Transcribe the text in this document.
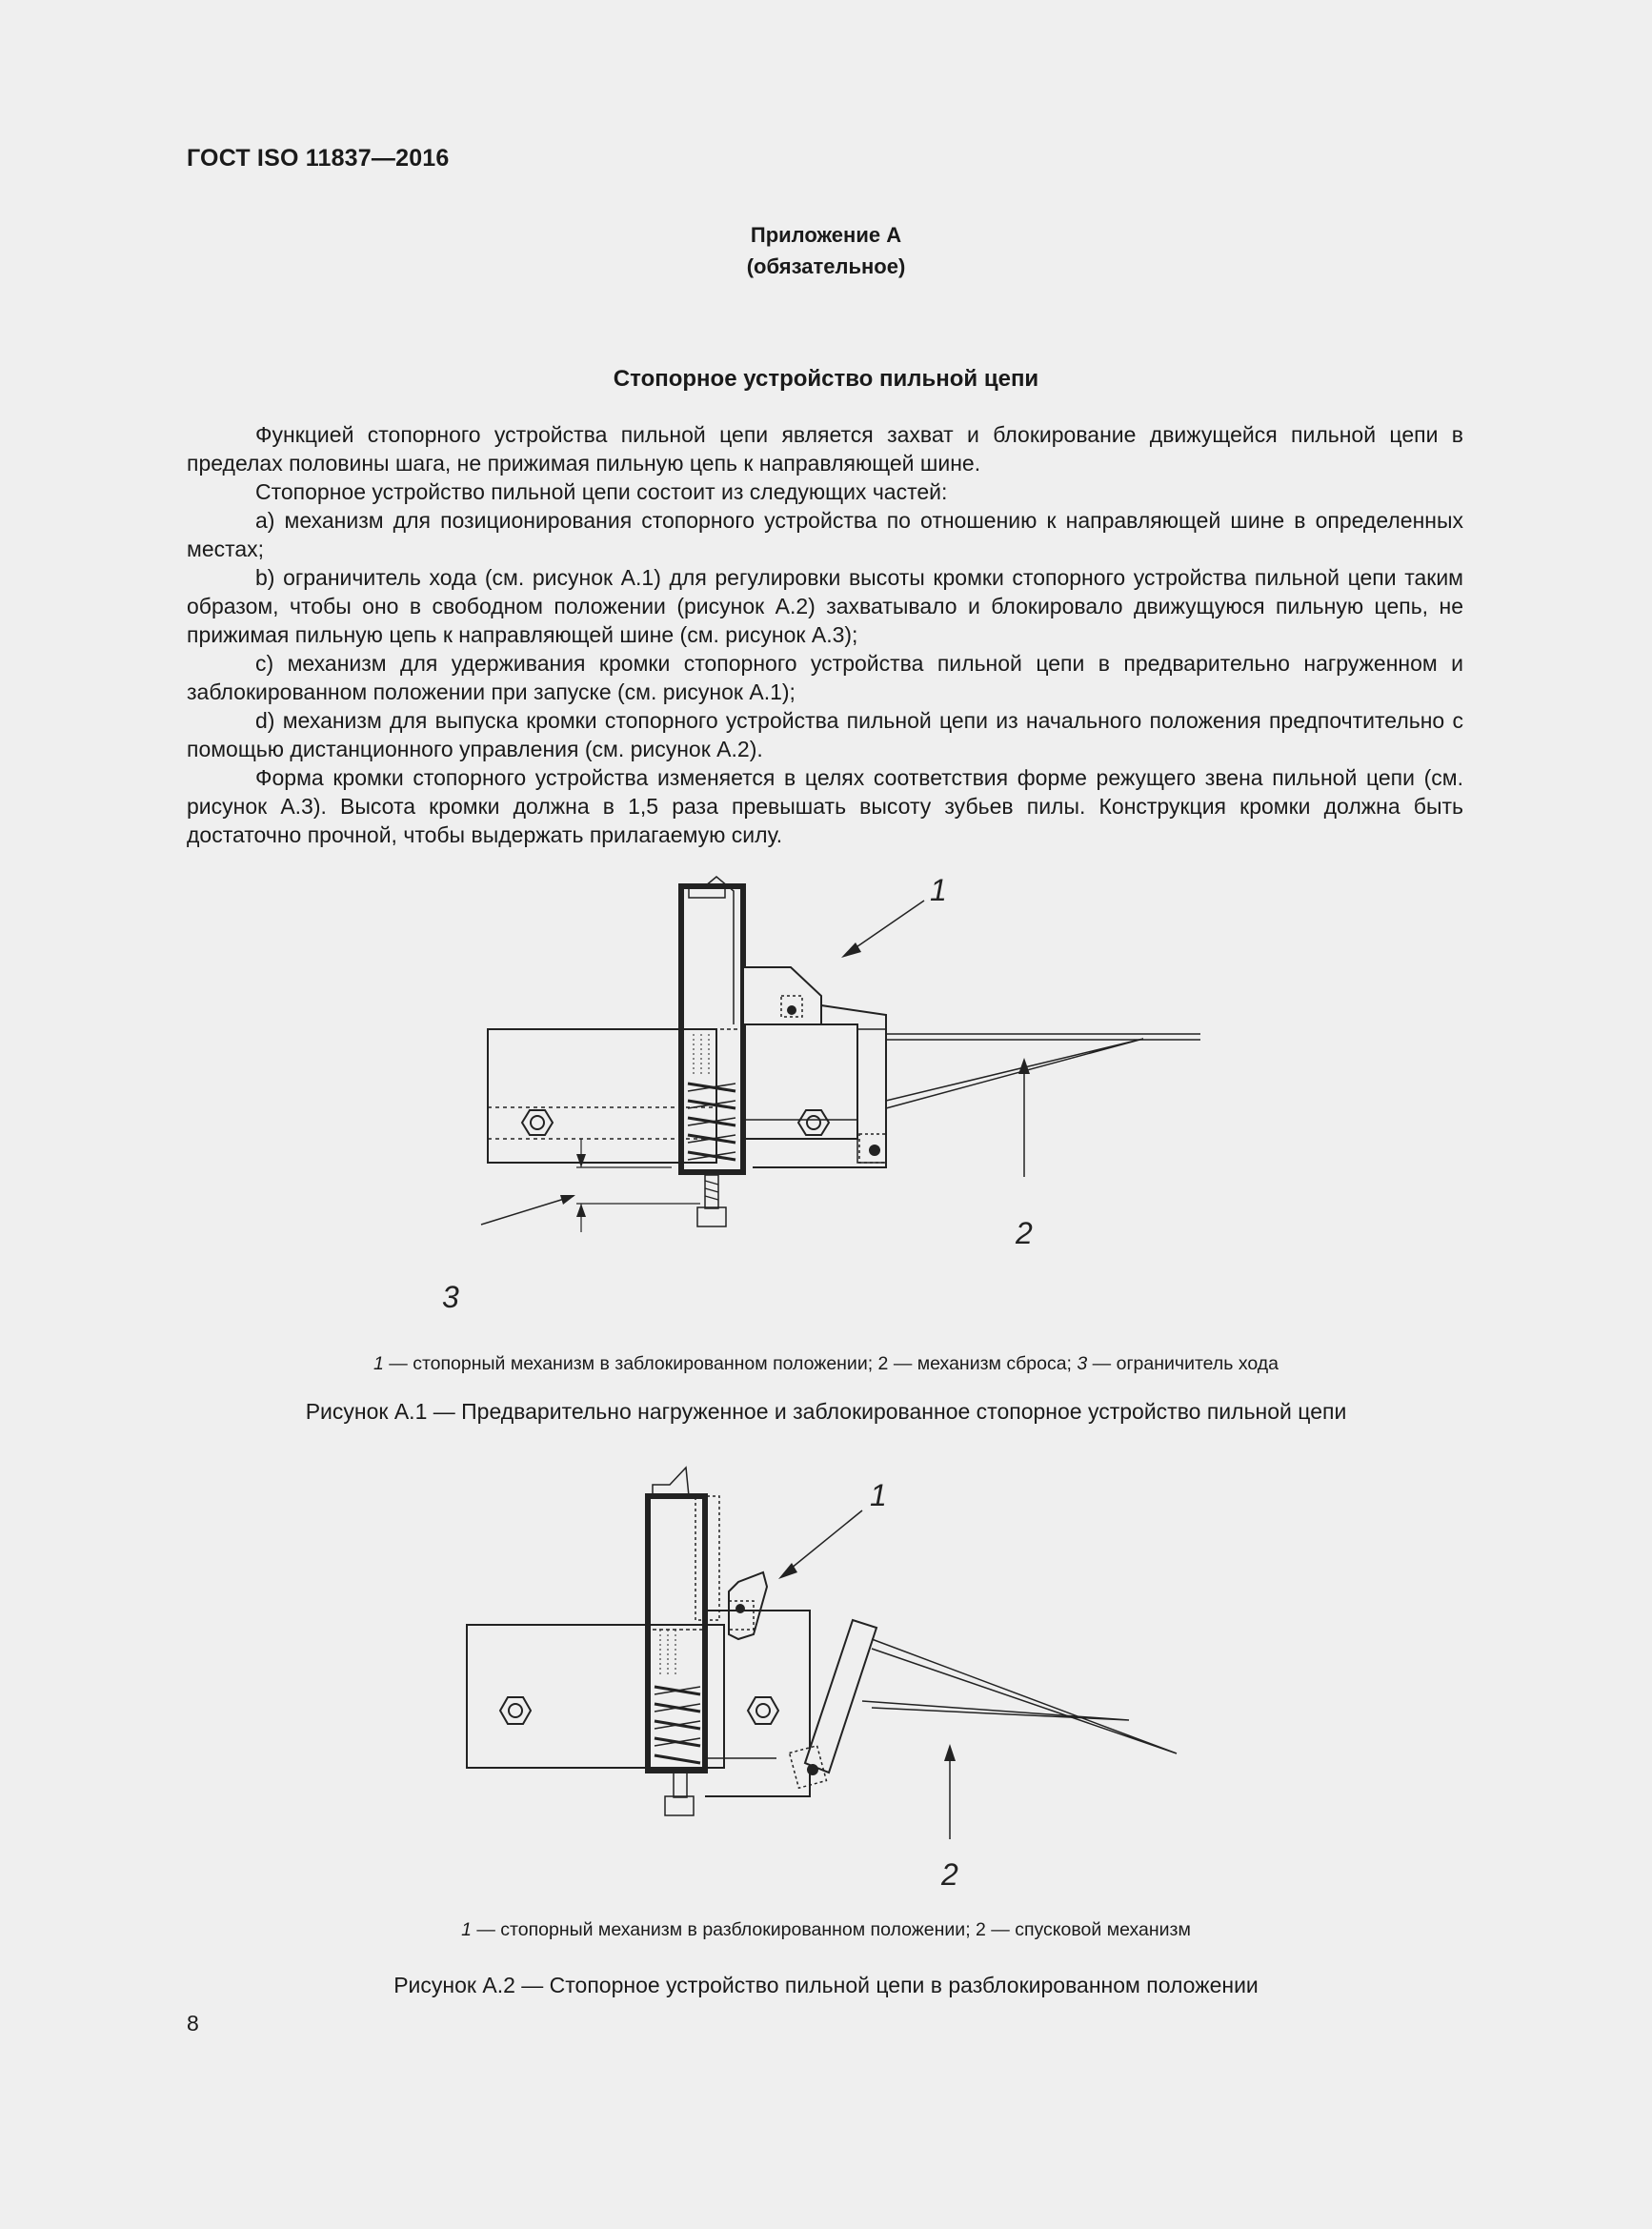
ГОСТ ISO 11837—2016
Приложение А
(обязательное)
Стопорное устройство пильной цепи

Функцией стопорного устройства пильной цепи является захват и блокирование движущейся пильной цепи в пределах половины шага, не прижимая пильную цепь к направляющей шине.

Стопорное устройство пильной цепи состоит из следующих частей:

a) механизм для позиционирования стопорного устройства по отношению к направляющей шине в определенных местах;

b) ограничитель хода (см. рисунок А.1) для регулировки высоты кромки стопорного устройства пильной цепи таким образом, чтобы оно в свободном положении (рисунок А.2) захватывало и блокировало движущуюся пильную цепь, не прижимая пильную цепь к направляющей шине (см. рисунок А.3);

c) механизм для удерживания кромки стопорного устройства пильной цепи в предварительно нагруженном и заблокированном положении при запуске (см. рисунок А.1);

d) механизм для выпуска кромки стопорного устройства пильной цепи из начального положения предпочтительно с помощью дистанционного управления (см. рисунок А.2).

Форма кромки стопорного устройства изменяется в целях соответствия форме режущего звена пильной цепи (см. рисунок А.3). Высота кромки должна в 1,5 раза превышать высоту зубьев пилы. Конструкция кромки должна быть достаточно прочной, чтобы выдержать прилагаемую силу.

1
2
3
1 — стопорный механизм в заблокированном положении; 2 — механизм сброса; 3 — ограничитель хода
Рисунок А.1 — Предварительно нагруженное и заблокированное стопорное устройство пильной цепи
1
2
1 — стопорный механизм в разблокированном положении; 2 — спусковой механизм
Рисунок А.2 — Стопорное устройство пильной цепи в разблокированном положении
8
